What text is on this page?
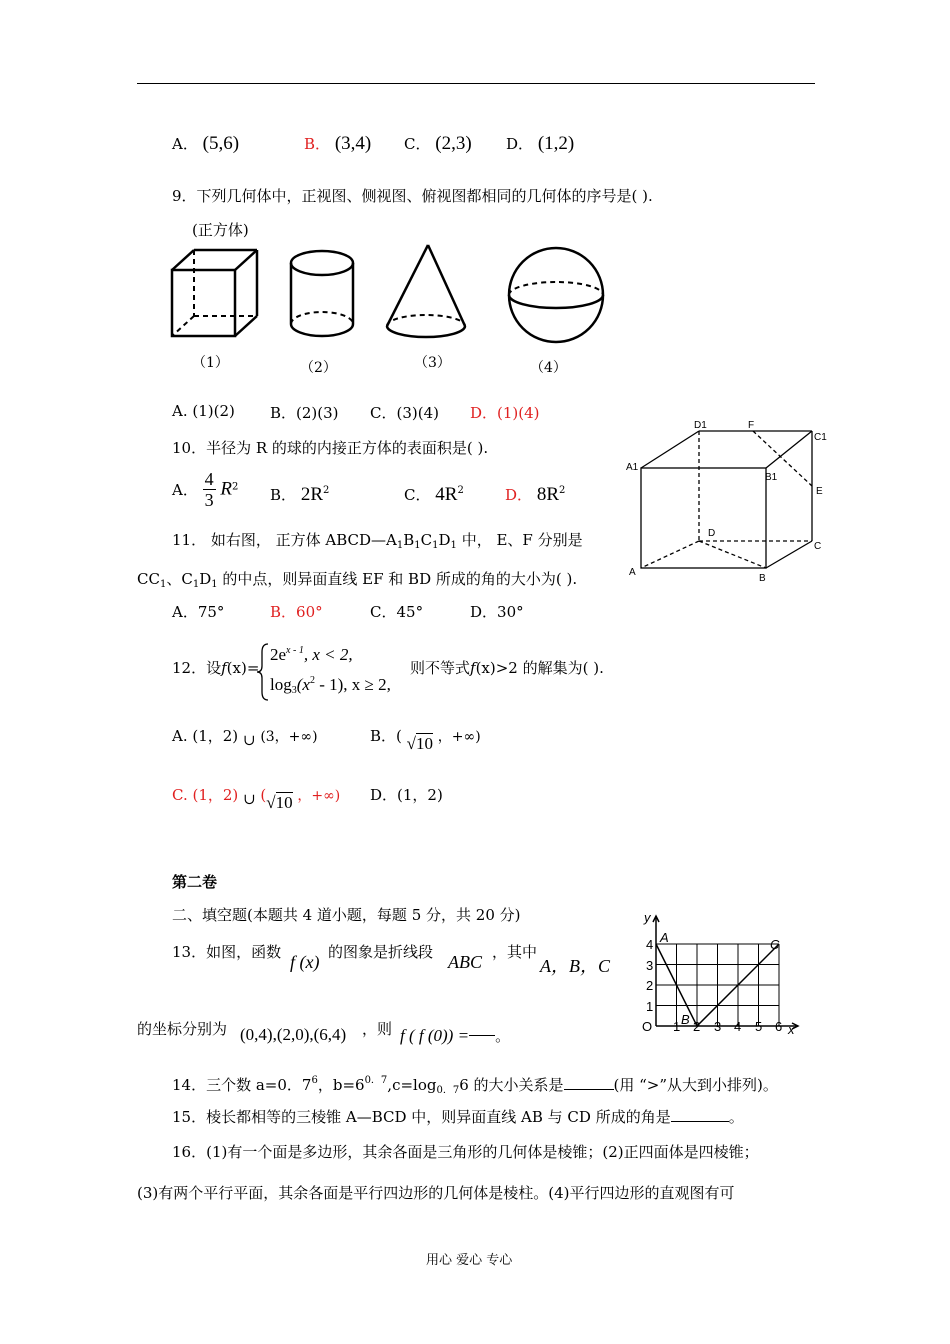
A． (5,6)	B． (3,4) C． (2,3) D． (1,2)
9．下列几何体中，正视图、侧视图、俯视图都相同的几何体的序号是( ).
(正方体)
（1）	（2）	（3）	（4）
A. (1)(2) B．(2)(3) C．(3)(4) D．(1)(4)
10．半径为 R 的球的内接正方体的表面积是( ).
A． $\frac{4}{3} R^2$ B． $2R^2$	C． $4R^2$	D． $8R^2$
D1	F
C1
A1
B1
E
D
C
A
B
11． 如右图， 正方体 $ABCD—A_1B_1C_1D_1$ 中， E、F 分别是
$CC_1$、$C_1D_1$ 的中点，则异面直线 EF 和 BD 所成的角的大小为( ).
A．75°	B．60°	C．45°	D．30°
12．设f(x)=
$2e^{x - 1}$, x < 2,
$\log_3(x^2 - 1)$, x ≥ 2,
则不等式f(x)>2 的解集为( ).
A. (1，2) ∪ (3，+∞)	B．( √10 ，+∞)
C. (1，2) ∪ (√10 ，+∞) D．(1，2)
第二卷
二、填空题(本题共 4 道小题，每题 5 分，共 20 分)
13．如图，函数 f (x) 的图象是折线段 ABC ，其中
A，B，C
的坐标分别为 (0,4),(2,0),(6,4) ，则 f ( f (0)) = 。
y
x
O
4
3
2
1
1 2 3 4 5 6
A
B
C
14．三个数 a=0．$7^6$，$b=6^{0.7},c=\log_{0.7}6$ 的大小关系是	(用 “>”从大到小排列)。
15．棱长都相等的三棱锥 A—BCD 中，则异面直线 AB 与 CD 所成的角是	。
16．(1)有一个面是多边形，其余各面是三角形的几何体是棱锥；(2)正四面体是四棱锥；
(3)有两个平行平面，其余各面是平行四边形的几何体是棱柱。(4)平行四边形的直观图有可
用心 爱心 专心
